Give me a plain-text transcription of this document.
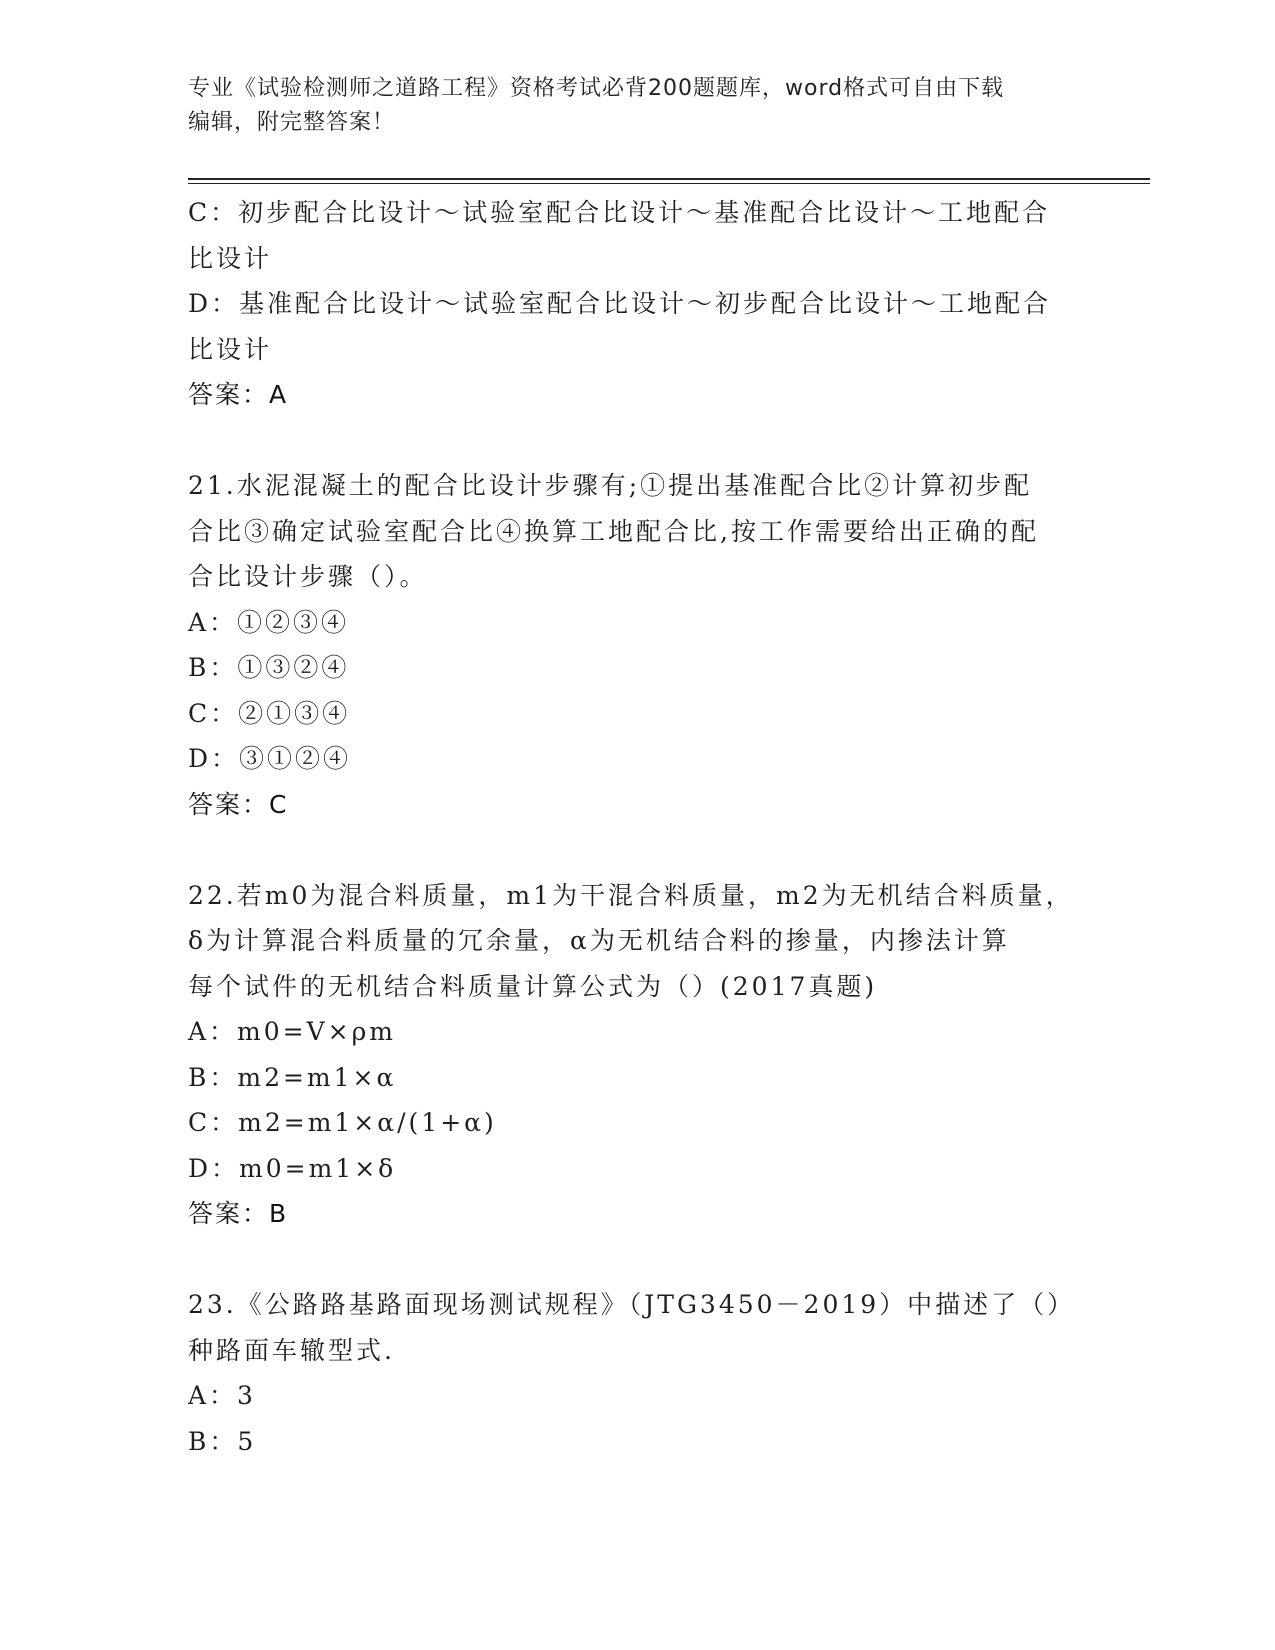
专业《试验检测师之道路工程》资格考试必背200题题库，word格式可自由下载
编辑，附完整答案！
C：初步配合比设计～试验室配合比设计～基准配合比设计～工地配合
比设计
D：基准配合比设计～试验室配合比设计～初步配合比设计～工地配合
比设计
答案：A
21.水泥混凝土的配合比设计步骤有;①提出基准配合比②计算初步配
合比③确定试验室配合比④换算工地配合比,按工作需要给出正确的配
合比设计步骤（）。
A：①②③④
B：①③②④
C：②①③④
D：③①②④
答案：C
22.若m0为混合料质量，m1为干混合料质量，m2为无机结合料质量，
δ为计算混合料质量的冗余量，α为无机结合料的掺量，内掺法计算
每个试件的无机结合料质量计算公式为（）(2017真题)
A：m0=V×ρm
B：m2=m1×α
C：m2=m1×α/(1+α)
D：m0=m1×δ
答案：B
23.《公路路基路面现场测试规程》（JTG3450－2019）中描述了（）
种路面车辙型式.
A：3
B：5
